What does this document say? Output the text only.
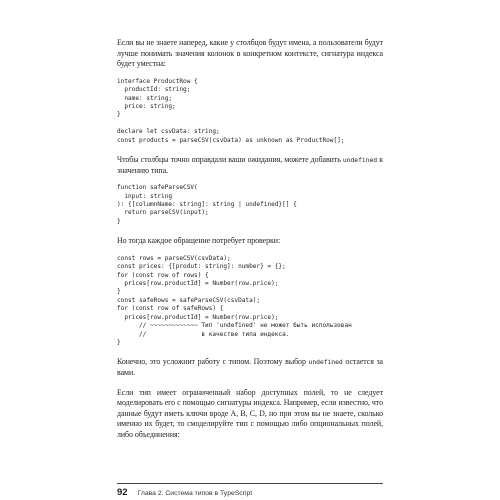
Если вы не знаете наперед, какие у столбцов будут имена, а пользователи будут лучше понимать значения колонок в конкретном контексте, сигнатура индекса будет уместна:

interface ProductRow {
productId: string;
name: string;
price: string;
}

declare let csvData: string;
const products = parseCSV(csvData) as unknown as ProductRow[];

Чтобы столбцы точно оправдали ваши ожидания, можете добавить undefined к значению типа.

function safeParseCSV(
input: string
): {[columnName: string]: string | undefined}[] {
return parseCSV(input);
}

Но тогда каждое обращение потребует проверки:

const rows = parseCSV(csvData);
const prices: {[produt: string]: number} = {};
for (const row of rows) {
prices[row.productId] = Number(row.price);
}
const safeRows = safeParseCSV(csvData);
for (const row of safeRows) {
prices[row.productId] = Number(row.price);
// ~~~~~~~~~~~~~ Тип 'undefined' не может быть использован
//               в качестве типа индекса.
}

Конечно, это усложнит работу с типом. Поэтому выбор undefined остается за вами.

Если тип имеет ограниченный набор доступных полей, то не следует моделировать его с помощью сигнатуры индекса. Например, если известно, что данные будут иметь ключи вроде A, B, C, D, но при этом вы не знаете, сколько именно их будет, то смоделируйте тип с помощью либо опциональных полей, либо объединения:

92 Глава 2. Система типов в TypeScript
